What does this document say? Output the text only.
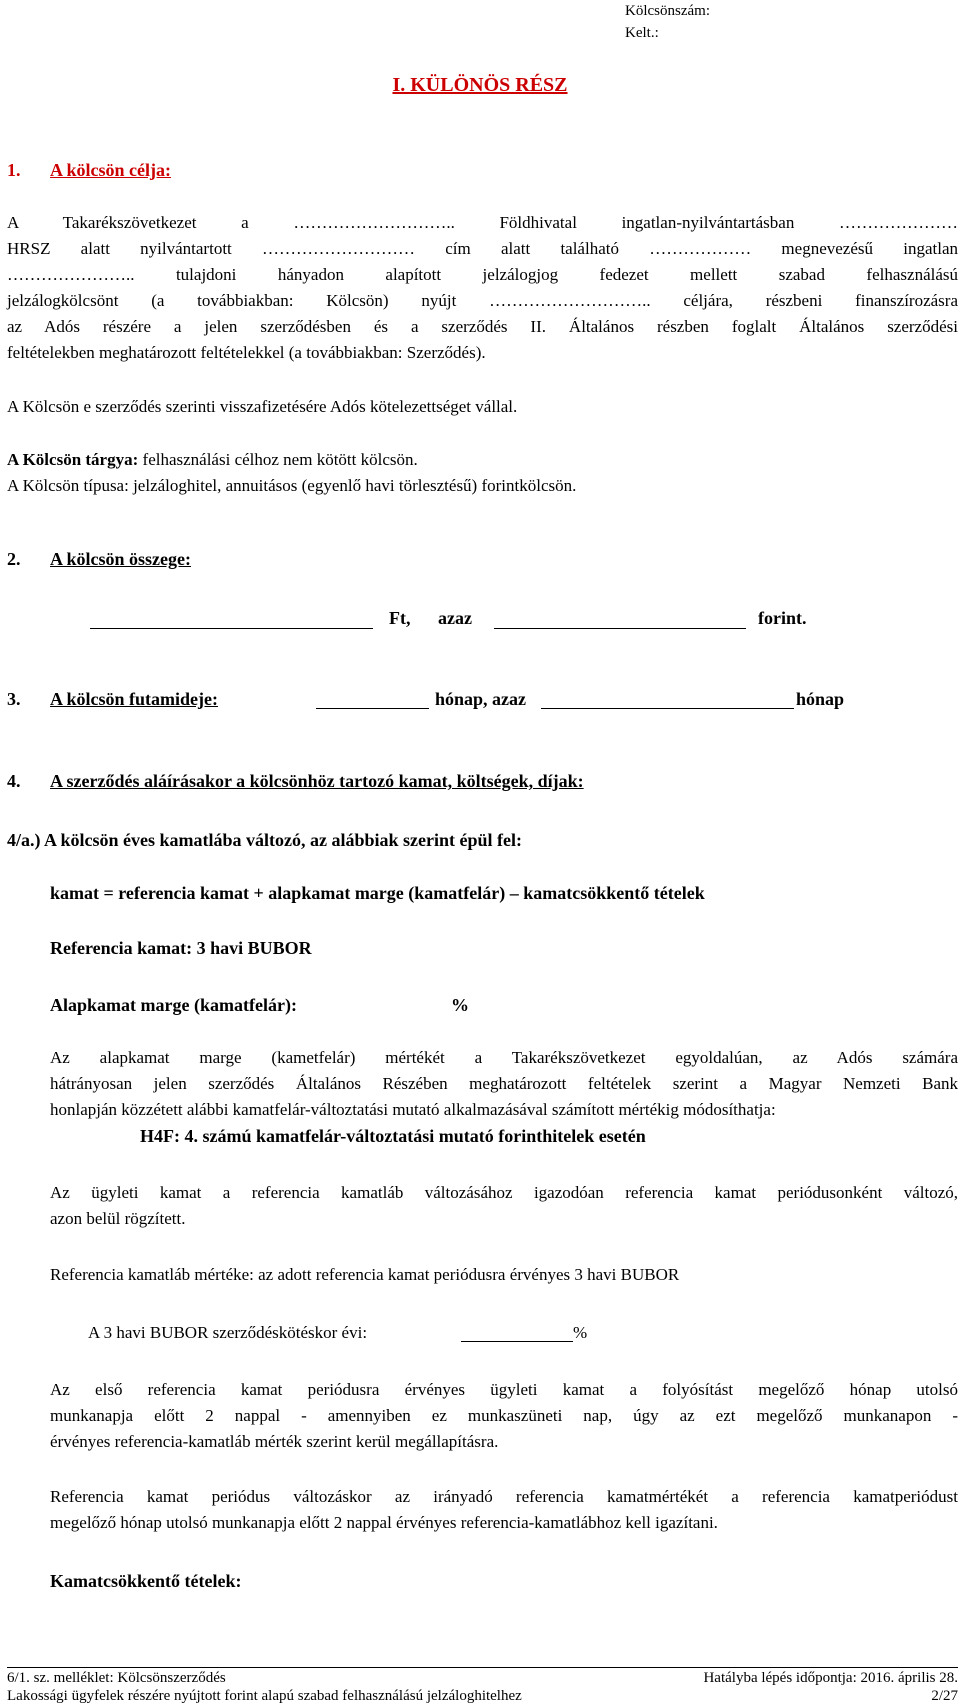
Kölcsönszám:
Kelt.:
I. KÜLÖNÖS RÉSZ
1. A kölcsön célja:
A Takarékszövetkezet a ……………………….. Földhivatal ingatlan-nyilvántartásban …………………
HRSZ alatt nyilvántartott ……………………… cím alatt található ……………… megnevezésű ingatlan
………………….. tulajdoni hányadon alapított jelzálogjog fedezet mellett szabad felhasználású
jelzálogkölcsönt (a továbbiakban: Kölcsön) nyújt ……………………….. céljára, részbeni finanszírozásra
az Adós részére a jelen szerződésben és a szerződés II. Általános részben foglalt Általános szerződési
feltételekben meghatározott feltételekkel (a továbbiakban: Szerződés).
A Kölcsön e szerződés szerinti visszafizetésére Adós kötelezettséget vállal.
A Kölcsön tárgya: felhasználási célhoz nem kötött kölcsön.
A Kölcsön típusa: jelzáloghitel, annuitásos (egyenlő havi törlesztésű) forintkölcsön.
2. A kölcsön összege:
Ft, azaz	forint.
3. A kölcsön futamideje:	hónap, azaz	hónap
4. A szerződés aláírásakor a kölcsönhöz tartozó kamat, költségek, díjak:
4/a.) A kölcsön éves kamatlába változó, az alábbiak szerint épül fel:
kamat = referencia kamat + alapkamat marge (kamatfelár) – kamatcsökkentő tételek
Referencia kamat: 3 havi BUBOR
Alapkamat marge (kamatfelár):	%
Az alapkamat marge (kametfelár) mértékét a Takarékszövetkezet egyoldalúan, az Adós számára
hátrányosan jelen szerződés Általános Részében meghatározott feltételek szerint a Magyar Nemzeti Bank
honlapján közzétett alábbi kamatfelár-változtatási mutató alkalmazásával számított mértékig módosíthatja:
H4F: 4. számú kamatfelár-változtatási mutató forinthitelek esetén
Az ügyleti kamat a referencia kamatláb változásához igazodóan referencia kamat periódusonként változó,
azon belül rögzített.
Referencia kamatláb mértéke: az adott referencia kamat periódusra érvényes 3 havi BUBOR
A 3 havi BUBOR szerződéskötéskor évi:	%
Az első referencia kamat periódusra érvényes ügyleti kamat a folyósítást megelőző hónap utolsó
munkanapja előtt 2 nappal - amennyiben ez munkaszüneti nap, úgy az ezt megelőző munkanapon -
érvényes referencia-kamatláb mérték szerint kerül megállapításra.
Referencia kamat periódus változáskor az irányadó referencia kamatmértékét a referencia kamatperiódust
megelőző hónap utolsó munkanapja előtt 2 nappal érvényes referencia-kamatlábhoz kell igazítani.
Kamatcsökkentő tételek:
6/1. sz. melléklet: Kölcsönszerződés	Hatályba lépés időpontja: 2016. április 28.
Lakossági ügyfelek részére nyújtott forint alapú szabad felhasználású jelzáloghitelhez	2/27
